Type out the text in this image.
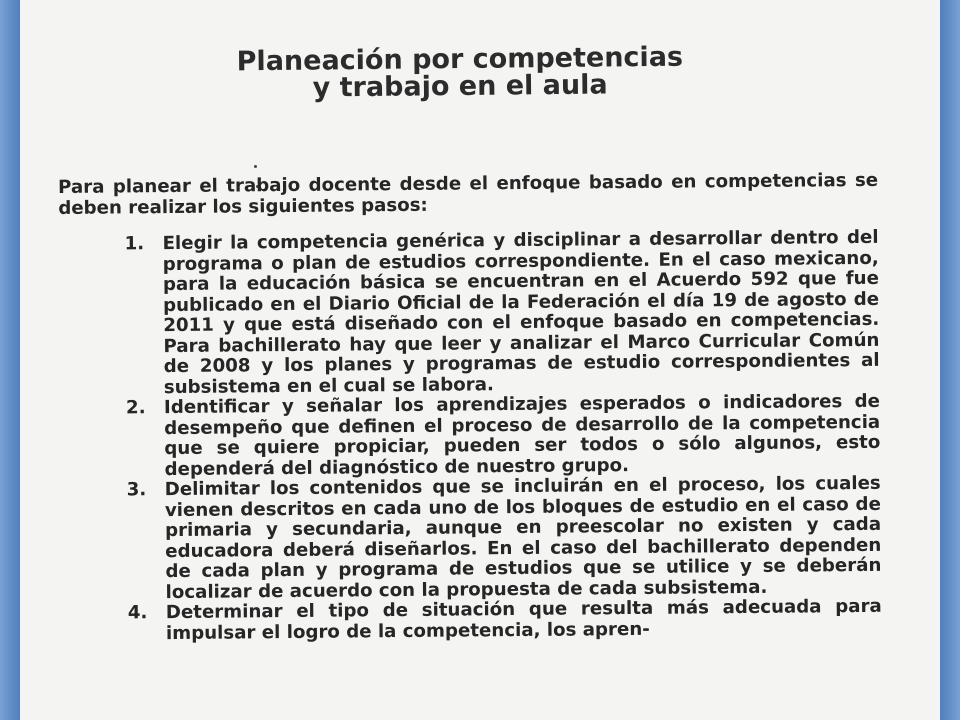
Planeación por competencias
y trabajo en el aula

Para planear el trabajo docente desde el enfoque basado en competencias se deben realizar los siguientes pasos:

1. Elegir la competencia genérica y disciplinar a desarrollar dentro del programa o plan de estudios correspondiente. En el caso mexicano, para la educación básica se encuentran en el Acuerdo 592 que fue publicado en el Diario Oficial de la Federación el día 19 de agosto de 2011 y que está diseñado con el enfoque basado en competencias. Para bachillerato hay que leer y analizar el Marco Curricular Común de 2008 y los planes y programas de estudio correspondientes al subsistema en el cual se labora.
2. Identificar y señalar los aprendizajes esperados o indicadores de desempeño que definen el proceso de desarrollo de la competencia que se quiere propiciar, pueden ser todos o sólo algunos, esto dependerá del diagnóstico de nuestro grupo.
3. Delimitar los contenidos que se incluirán en el proceso, los cuales vienen descritos en cada uno de los bloques de estudio en el caso de primaria y secundaria, aunque en preescolar no existen y cada educadora deberá diseñarlos. En el caso del bachillerato dependen de cada plan y programa de estudios que se utilice y se deberán localizar de acuerdo con la propuesta de cada subsistema.
4. Determinar el tipo de situación que resulta más adecuada para impulsar el logro de la competencia, los apren-
